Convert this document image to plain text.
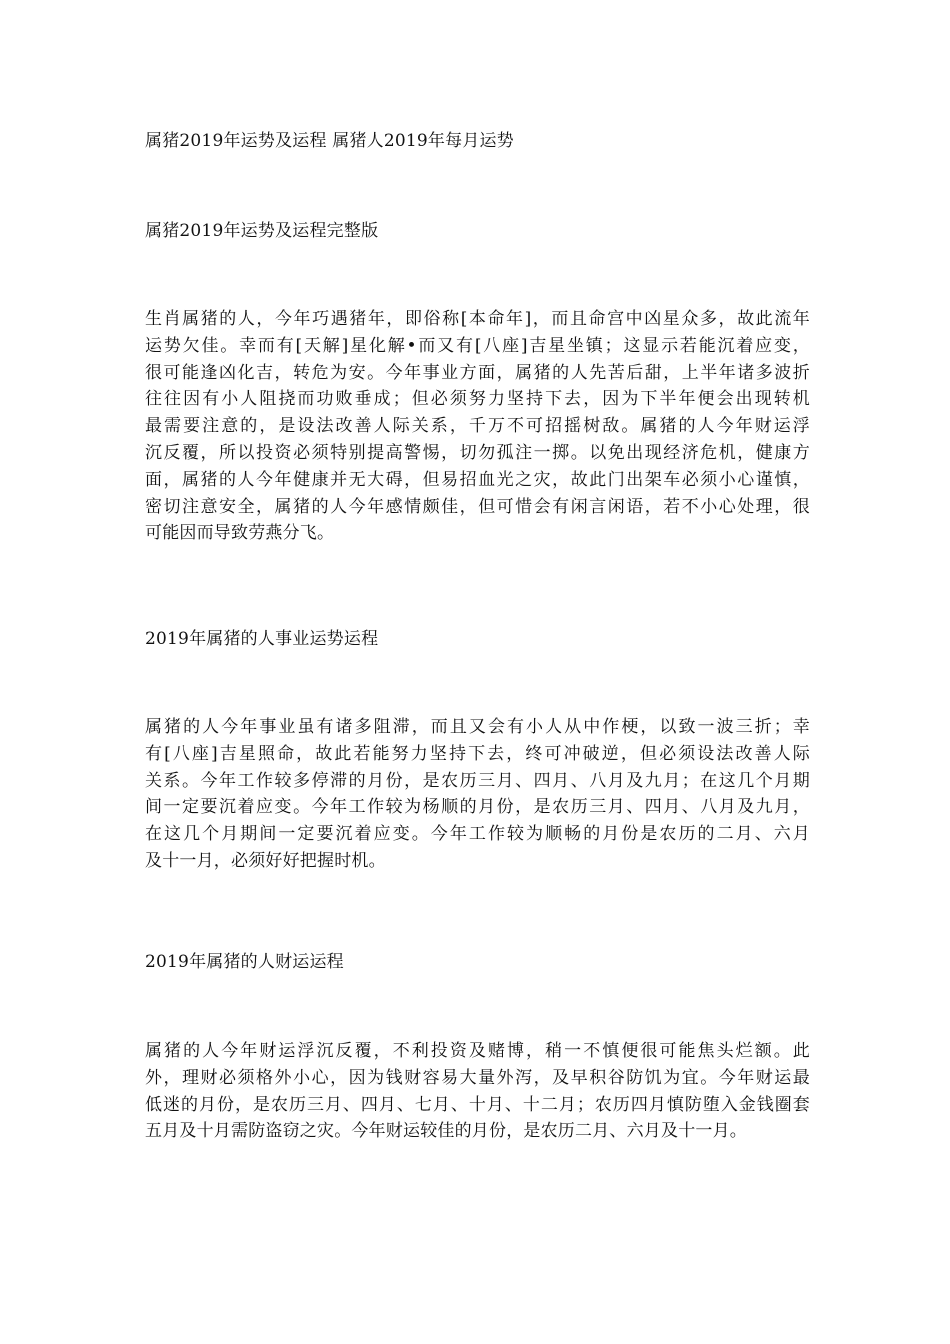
属猪2019年运势及运程 属猪人2019年每月运势
属猪2019年运势及运程完整版
生肖属猪的人，今年巧遇猪年，即俗称[本命年]，而且命宫中凶星众多，故此流年
运势欠佳。幸而有[天解]星化解•而又有[八座]吉星坐镇；这显示若能沉着应变，
很可能逢凶化吉，转危为安。今年事业方面，属猪的人先苦后甜，上半年诸多波折
往往因有小人阻挠而功败垂成；但必须努力坚持下去，因为下半年便会出现转机
最需要注意的，是设法改善人际关系，千万不可招摇树敌。属猪的人今年财运浮
沉反覆，所以投资必须特别提高警惕，切勿孤注一掷。以免出现经济危机，健康方
面，属猪的人今年健康并无大碍，但易招血光之灾，故此门出架车必须小心谨慎，
密切注意安全，属猪的人今年感情颇佳，但可惜会有闲言闲语，若不小心处理，很
可能因而导致劳燕分飞。
2019年属猪的人事业运势运程
属猪的人今年事业虽有诸多阻滞，而且又会有小人从中作梗，以致一波三折；幸
有[八座]吉星照命，故此若能努力坚持下去，终可冲破逆，但必须设法改善人际
关系。今年工作较多停滞的月份，是农历三月、四月、八月及九月；在这几个月期
间一定要沉着应变。今年工作较为杨顺的月份，是农历三月、四月、八月及九月，
在这几个月期间一定要沉着应变。今年工作较为顺畅的月份是农历的二月、六月
及十一月，必须好好把握时机。
2019年属猪的人财运运程
属猪的人今年财运浮沉反覆，不利投资及赌博，稍一不慎便很可能焦头烂额。此
外，理财必须格外小心，因为钱财容易大量外泻，及早积谷防饥为宜。今年财运最
低迷的月份，是农历三月、四月、七月、十月、十二月；农历四月慎防堕入金钱圈套
五月及十月需防盗窃之灾。今年财运较佳的月份，是农历二月、六月及十一月。
